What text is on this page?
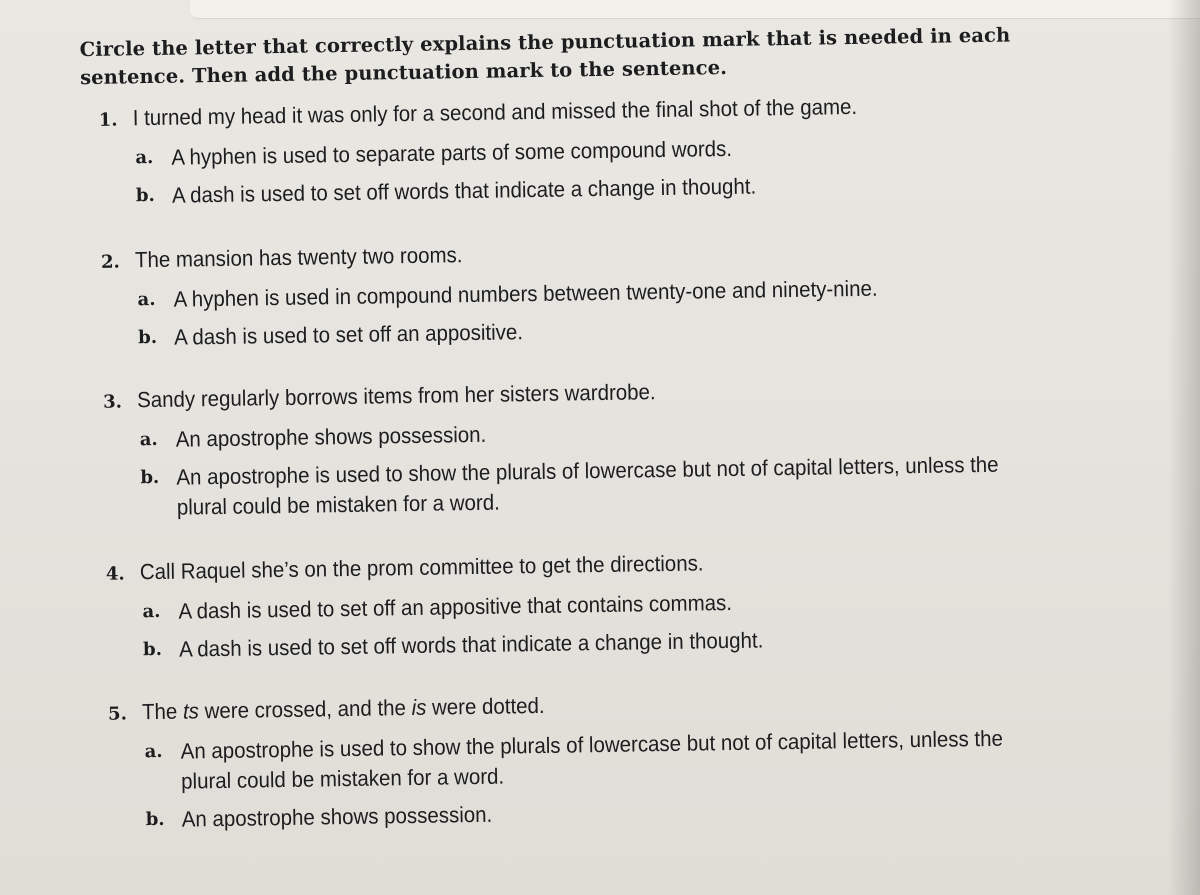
Circle the letter that correctly explains the punctuation mark that is needed in each sentence. Then add the punctuation mark to the sentence.
1. I turned my head it was only for a second and missed the final shot of the game.
a. A hyphen is used to separate parts of some compound words.
b. A dash is used to set off words that indicate a change in thought.
2. The mansion has twenty two rooms.
a. A hyphen is used in compound numbers between twenty-one and ninety-nine.
b. A dash is used to set off an appositive.
3. Sandy regularly borrows items from her sisters wardrobe.
a. An apostrophe shows possession.
b. An apostrophe is used to show the plurals of lowercase but not of capital letters, unless the plural could be mistaken for a word.
4. Call Raquel she’s on the prom committee to get the directions.
a. A dash is used to set off an appositive that contains commas.
b. A dash is used to set off words that indicate a change in thought.
5. The ts were crossed, and the is were dotted.
a. An apostrophe is used to show the plurals of lowercase but not of capital letters, unless the plural could be mistaken for a word.
b. An apostrophe shows possession.
